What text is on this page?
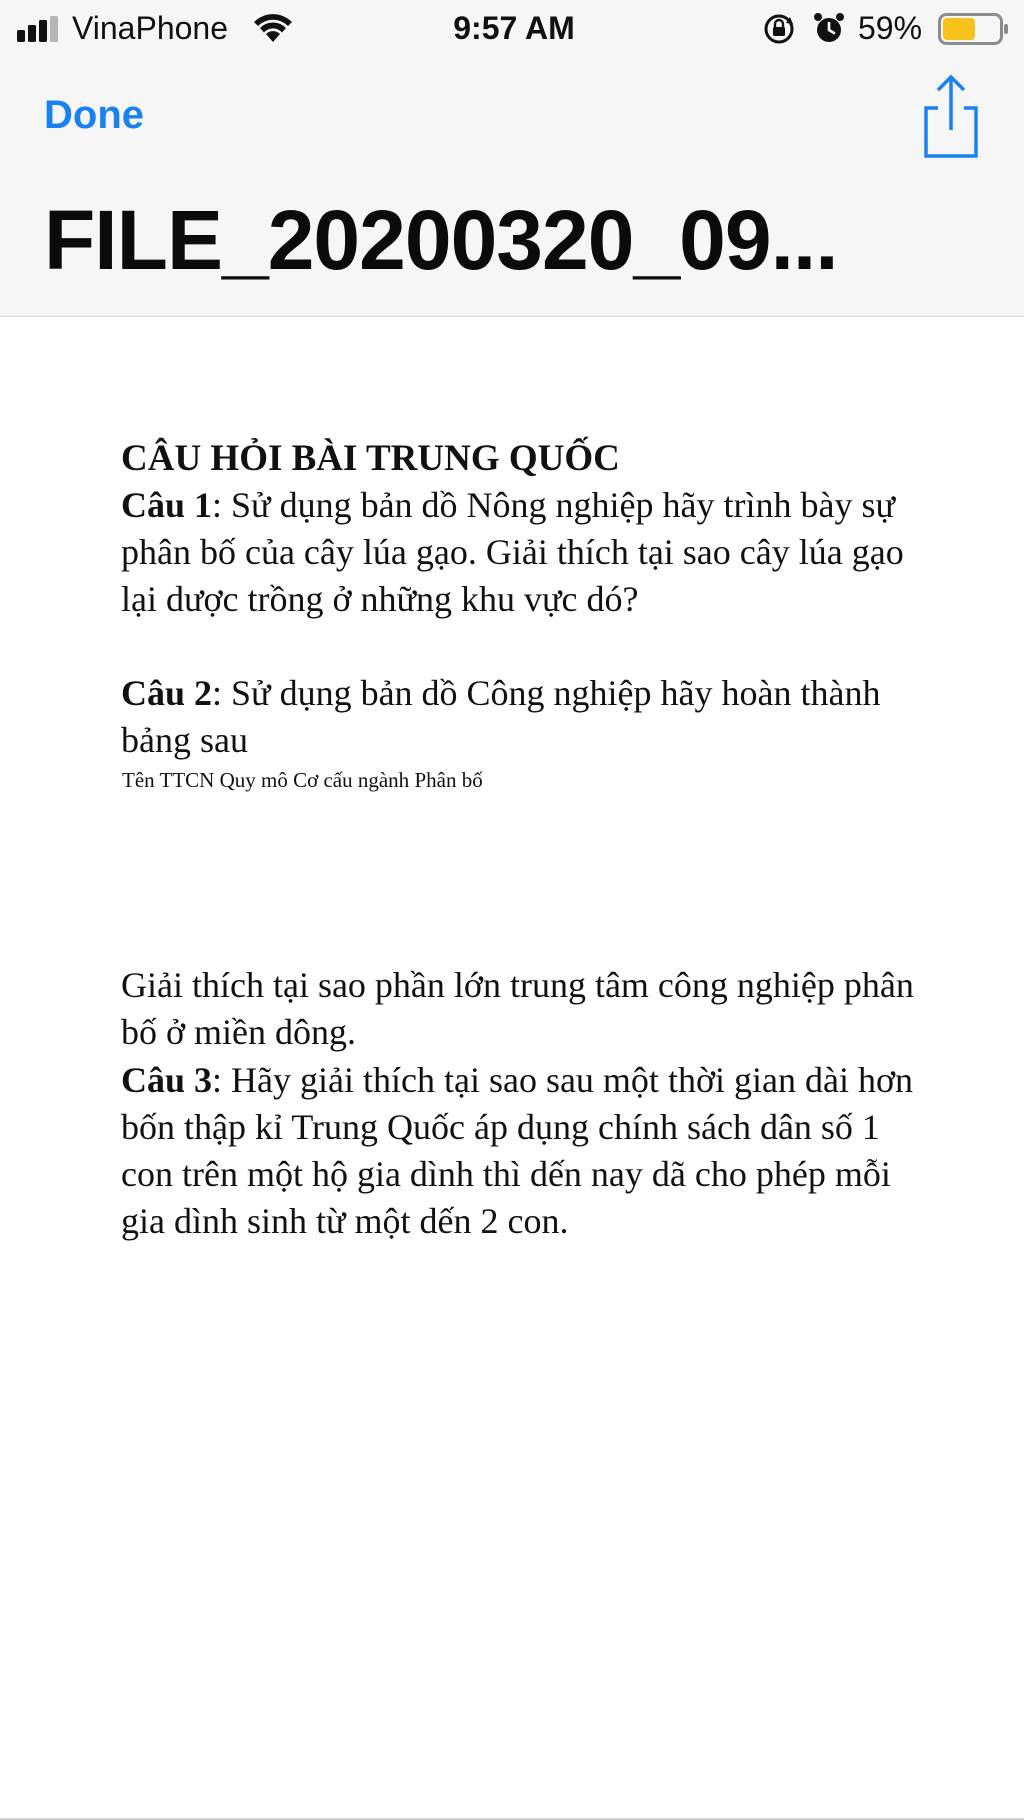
VinaPhone	9:57 AM	59%
Done
FILE_20200320_09...
CÂU HỎI BÀI TRUNG QUỐC
Câu 1: Sử dụng bản dồ Nông nghiệp hãy trình bày sự phân bố của cây lúa gạo. Giải thích tại sao cây lúa gạo lại dược trồng ở những khu vực dó?
Câu 2: Sử dụng bản dồ Công nghiệp hãy hoàn thành bảng sau
Tên TTCN Quy mô Cơ cấu ngành Phân bố
Giải thích tại sao phần lớn trung tâm công nghiệp phân bố ở miền dông.
Câu 3: Hãy giải thích tại sao sau một thời gian dài hơn bốn thập kỉ Trung Quốc áp dụng chính sách dân số 1 con trên một hộ gia dình thì dến nay dã cho phép mỗi gia dình sinh từ một dến 2 con.
